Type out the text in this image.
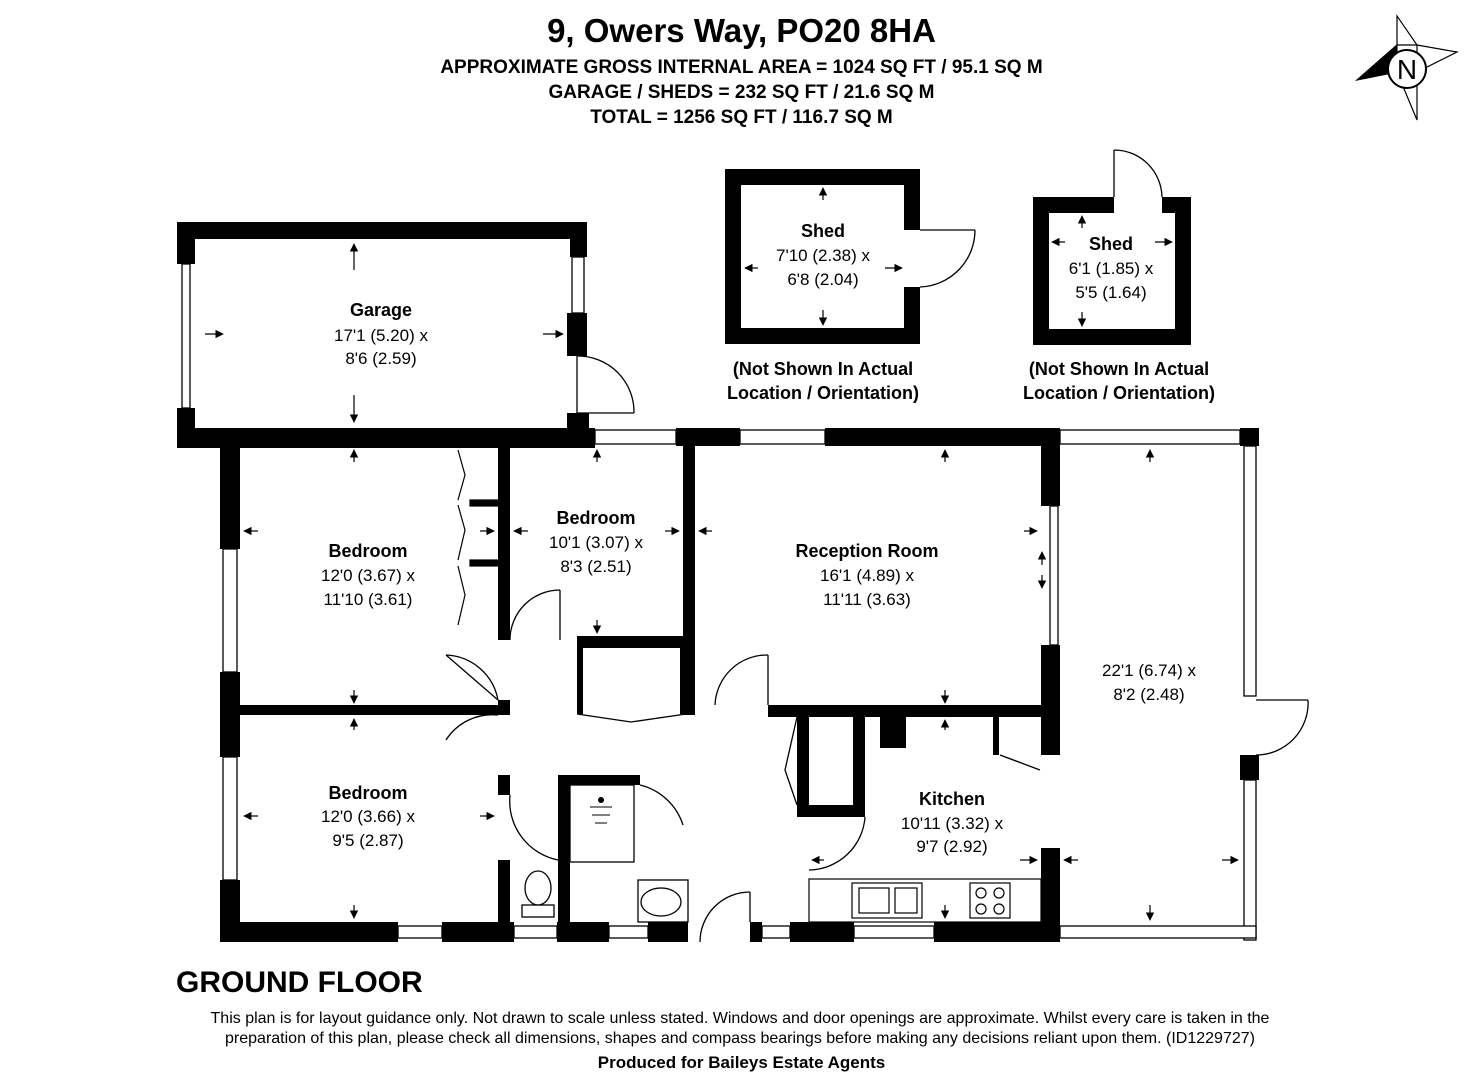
9, Owers Way, PO20 8HA
APPROXIMATE GROSS INTERNAL AREA = 1024 SQ FT / 95.1 SQ M
GARAGE / SHEDS = 232 SQ FT / 21.6 SQ M
TOTAL = 1256 SQ FT / 116.7 SQ M
N
Garage
17'1 (5.20) x
8'6 (2.59)
Shed
7'10 (2.38) x
6'8 (2.04)
(Not Shown In Actual
Location / Orientation)
Shed
6'1 (1.85) x
5'5 (1.64)
(Not Shown In Actual
Location / Orientation)
Bedroom
12'0 (3.67) x
11'10 (3.61)
Bedroom
10'1 (3.07) x
8'3 (2.51)
Reception Room
16'1 (4.89) x
11'11 (3.63)
22'1 (6.74) x
8'2 (2.48)
Bedroom
12'0 (3.66) x
9'5 (2.87)
Kitchen
10'11 (3.32) x
9'7 (2.92)
GROUND FLOOR
This plan is for layout guidance only. Not drawn to scale unless stated. Windows and door openings are approximate. Whilst every care is taken in the
preparation of this plan, please check all dimensions, shapes and compass bearings before making any decisions reliant upon them. (ID1229727)
Produced for Baileys Estate Agents
